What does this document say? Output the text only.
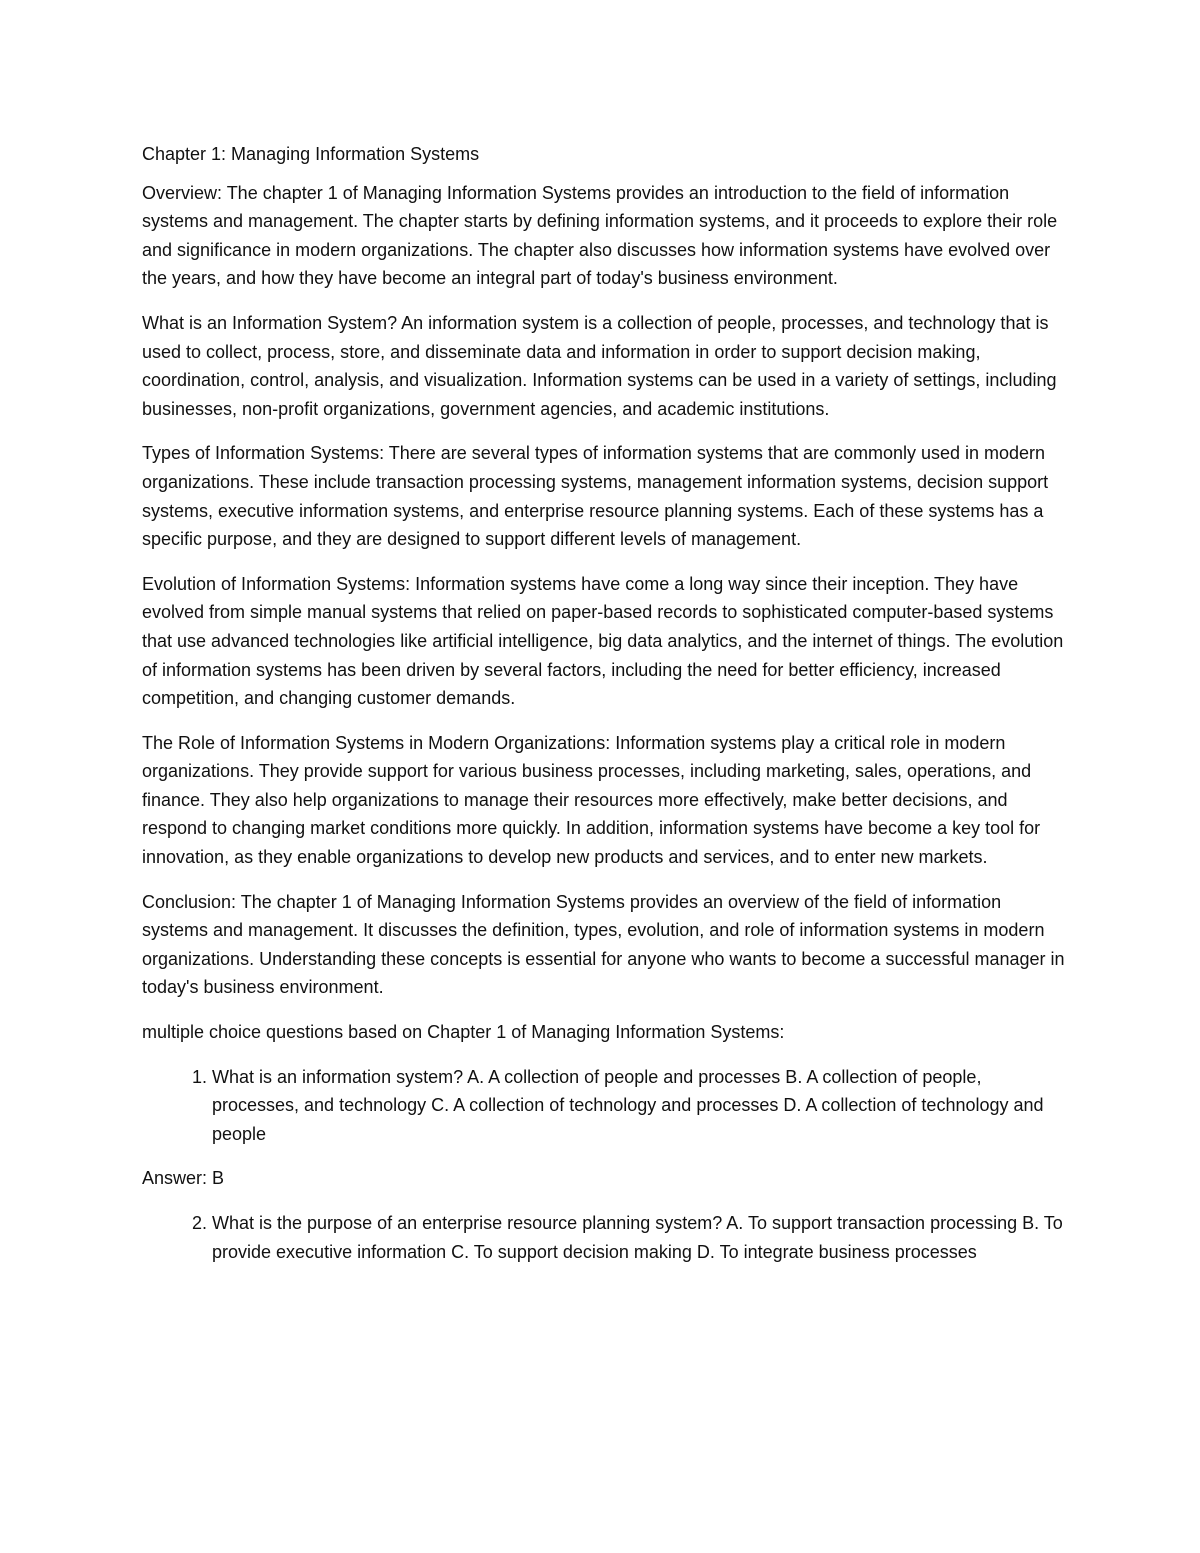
Chapter 1: Managing Information Systems

Overview: The chapter 1 of Managing Information Systems provides an introduction to the field of information systems and management. The chapter starts by defining information systems, and it proceeds to explore their role and significance in modern organizations. The chapter also discusses how information systems have evolved over the years, and how they have become an integral part of today's business environment.

What is an Information System? An information system is a collection of people, processes, and technology that is used to collect, process, store, and disseminate data and information in order to support decision making, coordination, control, analysis, and visualization. Information systems can be used in a variety of settings, including businesses, non-profit organizations, government agencies, and academic institutions.

Types of Information Systems: There are several types of information systems that are commonly used in modern organizations. These include transaction processing systems, management information systems, decision support systems, executive information systems, and enterprise resource planning systems. Each of these systems has a specific purpose, and they are designed to support different levels of management.

Evolution of Information Systems: Information systems have come a long way since their inception. They have evolved from simple manual systems that relied on paper-based records to sophisticated computer-based systems that use advanced technologies like artificial intelligence, big data analytics, and the internet of things. The evolution of information systems has been driven by several factors, including the need for better efficiency, increased competition, and changing customer demands.

The Role of Information Systems in Modern Organizations: Information systems play a critical role in modern organizations. They provide support for various business processes, including marketing, sales, operations, and finance. They also help organizations to manage their resources more effectively, make better decisions, and respond to changing market conditions more quickly. In addition, information systems have become a key tool for innovation, as they enable organizations to develop new products and services, and to enter new markets.

Conclusion: The chapter 1 of Managing Information Systems provides an overview of the field of information systems and management. It discusses the definition, types, evolution, and role of information systems in modern organizations. Understanding these concepts is essential for anyone who wants to become a successful manager in today's business environment.

multiple choice questions based on Chapter 1 of Managing Information Systems:

1. What is an information system? A. A collection of people and processes B. A collection of people, processes, and technology C. A collection of technology and processes D. A collection of technology and people

Answer: B

2. What is the purpose of an enterprise resource planning system? A. To support transaction processing B. To provide executive information C. To support decision making D. To integrate business processes
